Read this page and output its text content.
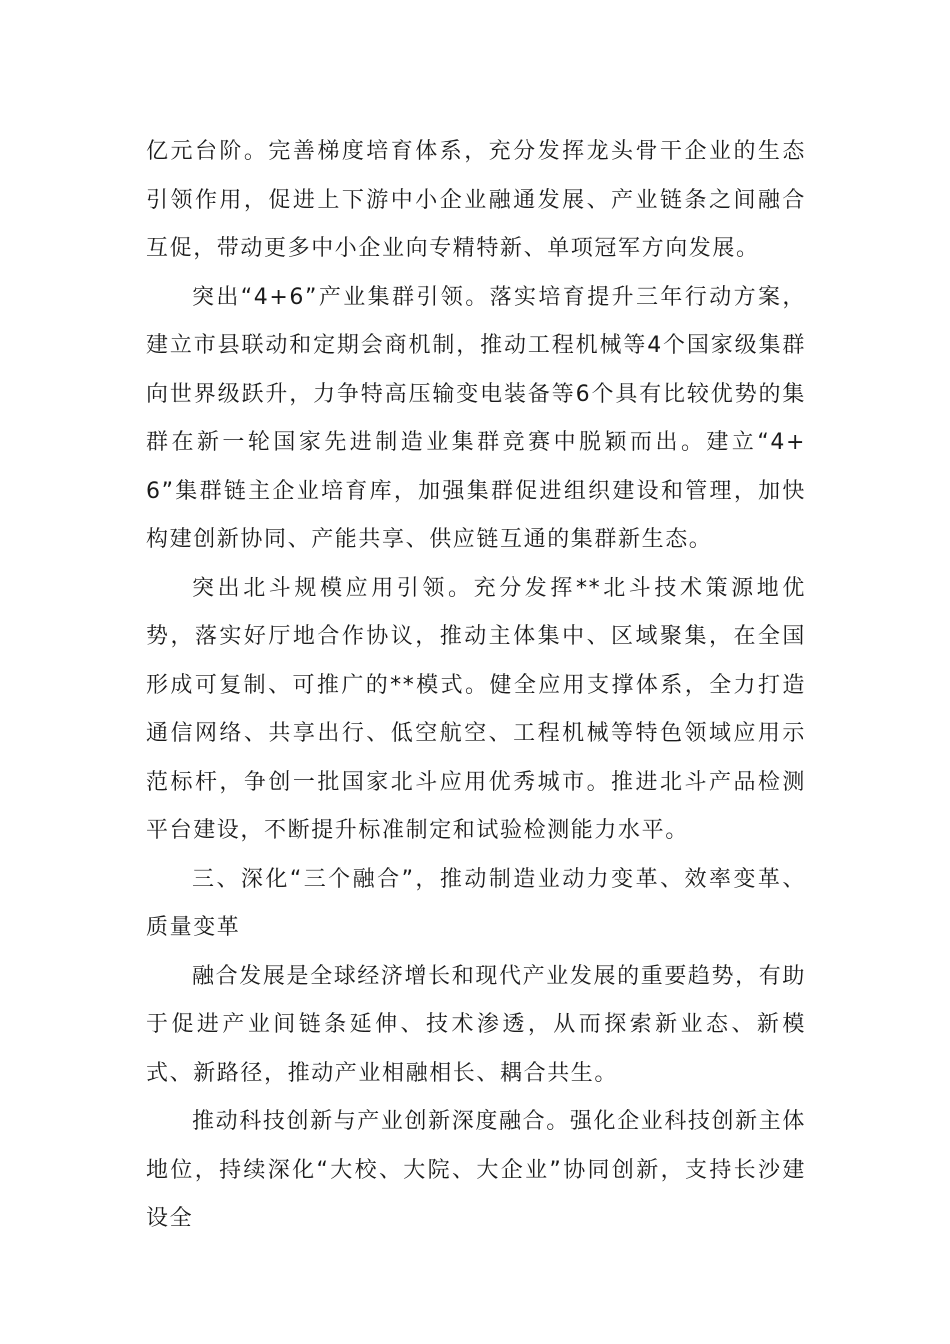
亿元台阶。完善梯度培育体系，充分发挥龙头骨干企业的生态引领作用，促进上下游中小企业融通发展、产业链条之间融合互促，带动更多中小企业向专精特新、单项冠军方向发展。

突出“4+6”产业集群引领。落实培育提升三年行动方案，建立市县联动和定期会商机制，推动工程机械等4个国家级集群向世界级跃升，力争特高压输变电装备等6个具有比较优势的集群在新一轮国家先进制造业集群竞赛中脱颖而出。建立“4+6”集群链主企业培育库，加强集群促进组织建设和管理，加快构建创新协同、产能共享、供应链互通的集群新生态。

突出北斗规模应用引领。充分发挥**北斗技术策源地优势，落实好厅地合作协议，推动主体集中、区域聚集，在全国形成可复制、可推广的**模式。健全应用支撑体系，全力打造通信网络、共享出行、低空航空、工程机械等特色领域应用示范标杆，争创一批国家北斗应用优秀城市。推进北斗产品检测平台建设，不断提升标准制定和试验检测能力水平。

三、深化“三个融合”，推动制造业动力变革、效率变革、质量变革

融合发展是全球经济增长和现代产业发展的重要趋势，有助于促进产业间链条延伸、技术渗透，从而探索新业态、新模式、新路径，推动产业相融相长、耦合共生。

推动科技创新与产业创新深度融合。强化企业科技创新主体地位，持续深化“大校、大院、大企业”协同创新，支持长沙建设全
